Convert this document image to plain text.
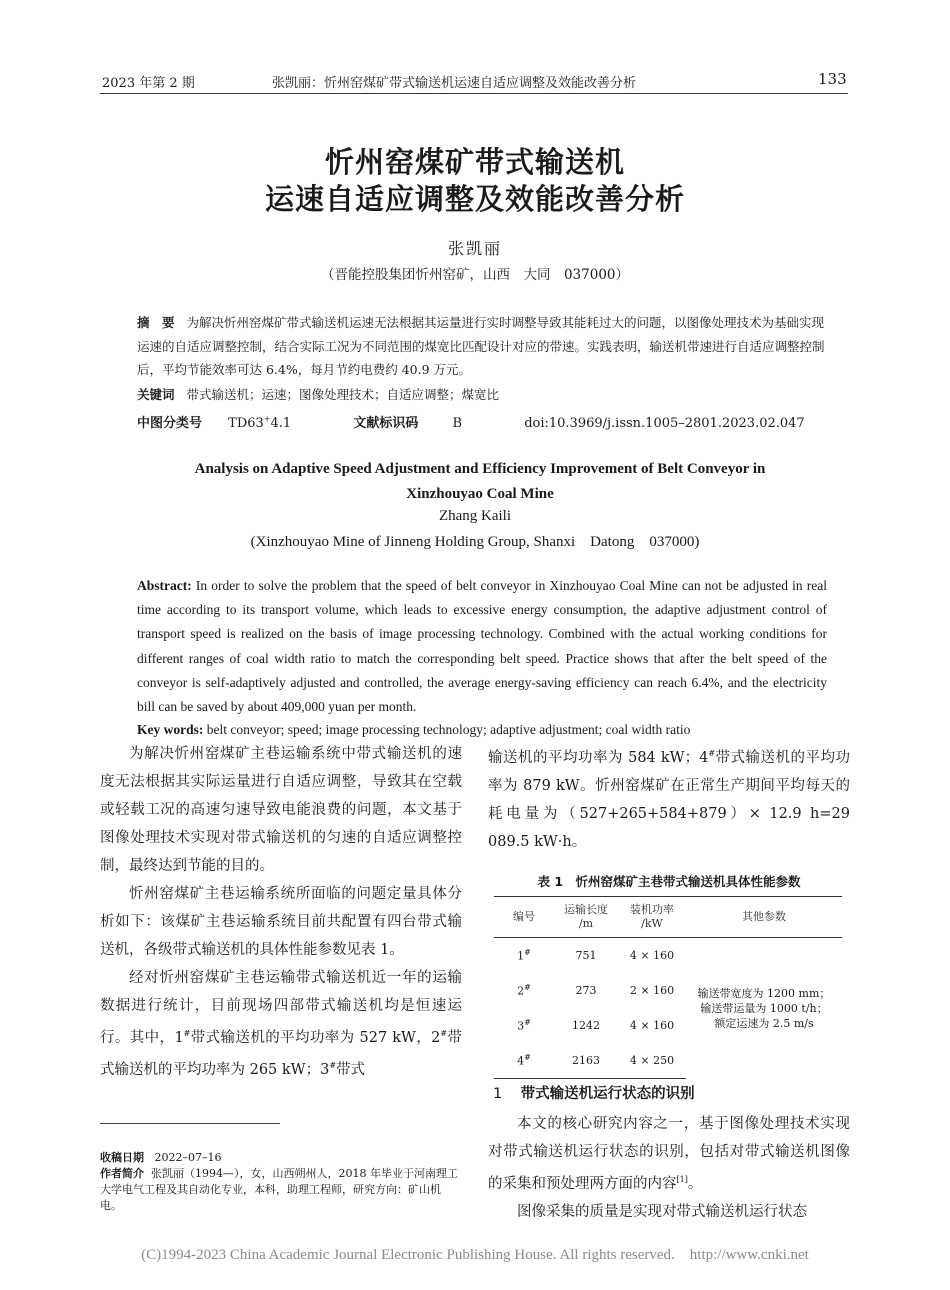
2023 年第 2 期	张凯丽：忻州窑煤矿带式输送机运速自适应调整及效能改善分析	133
忻州窑煤矿带式输送机
运速自适应调整及效能改善分析
张凯丽
（晋能控股集团忻州窑矿，山西　大同　037000）
摘　要 为解决忻州窑煤矿带式输送机运速无法根据其运量进行实时调整导致其能耗过大的问题，以图像处理技术为基础实现运速的自适应调整控制，结合实际工况为不同范围的煤宽比匹配设计对应的带速。实践表明，输送机带速进行自适应调整控制后，平均节能效率可达 6.4%，每月节约电费约 40.9 万元。
关键词 带式输送机；运速；图像处理技术；自适应调整；煤宽比
中图分类号 TD63+4.1	文献标识码	B	doi:10.3969/j.issn.1005–2801.2023.02.047
Analysis on Adaptive Speed Adjustment and Efficiency Improvement of Belt Conveyor in
Xinzhouyao Coal Mine
Zhang Kaili
(Xinzhouyao Mine of Jinneng Holding Group, Shanxi　Datong　037000)
Abstract: In order to solve the problem that the speed of belt conveyor in Xinzhouyao Coal Mine can not be adjusted in real time according to its transport volume, which leads to excessive energy consumption, the adaptive adjustment control of transport speed is realized on the basis of image processing technology. Combined with the actual working conditions for different ranges of coal width ratio to match the corresponding belt speed. Practice shows that after the belt speed of the conveyor is self-adaptively adjusted and controlled, the average energy-saving efficiency can reach 6.4%, and the electricity bill can be saved by about 409,000 yuan per month.
Key words: belt conveyor; speed; image processing technology; adaptive adjustment; coal width ratio

为解决忻州窑煤矿主巷运输系统中带式输送机的速度无法根据其实际运量进行自适应调整，导致其在空载或轻载工况的高速匀速导致电能浪费的问题，本文基于图像处理技术实现对带式输送机的匀速的自适应调整控制，最终达到节能的目的。

忻州窑煤矿主巷运输系统所面临的问题定量具体分析如下：该煤矿主巷运输系统目前共配置有四台带式输送机，各级带式输送机的具体性能参数见表 1。

经对忻州窑煤矿主巷运输带式输送机近一年的运输数据进行统计，目前现场四部带式输送机均是恒速运行。其中，1#带式输送机的平均功率为 527 kW，2#带式输送机的平均功率为 265 kW；3#带式

输送机的平均功率为 584 kW；4#带式输送机的平均功率为 879 kW。忻州窑煤矿在正常生产期间平均每天的耗电量为（527+265+584+879）× 12.9 h=29 089.5 kW·h。

表 1　忻州窑煤矿主巷带式输送机具体性能参数
编号	运输长度
/m	装机功率
/kW	其他参数
1#	751	4 × 160	输送带宽度为 1200 mm；
输送带运量为 1000 t/h；
额定运速为 2.5 m/s

2#	273	2 × 160	
3#	1242	4 × 160	
4#	2163	4 × 250	
1 带式输送机运行状态的识别

本文的核心研究内容之一，基于图像处理技术实现对带式输送机运行状态的识别，包括对带式输送机图像的采集和预处理两方面的内容[1]。

图像采集的质量是实现对带式输送机运行状态

收稿日期 2022–07–16
作者简介 张凯丽（1994—），女，山西朔州人，2018 年毕业于河南理工大学电气工程及其自动化专业，本科，助理工程师，研究方向：矿山机电。
(C)1994-2023 China Academic Journal Electronic Publishing House. All rights reserved.　http://www.cnki.net
